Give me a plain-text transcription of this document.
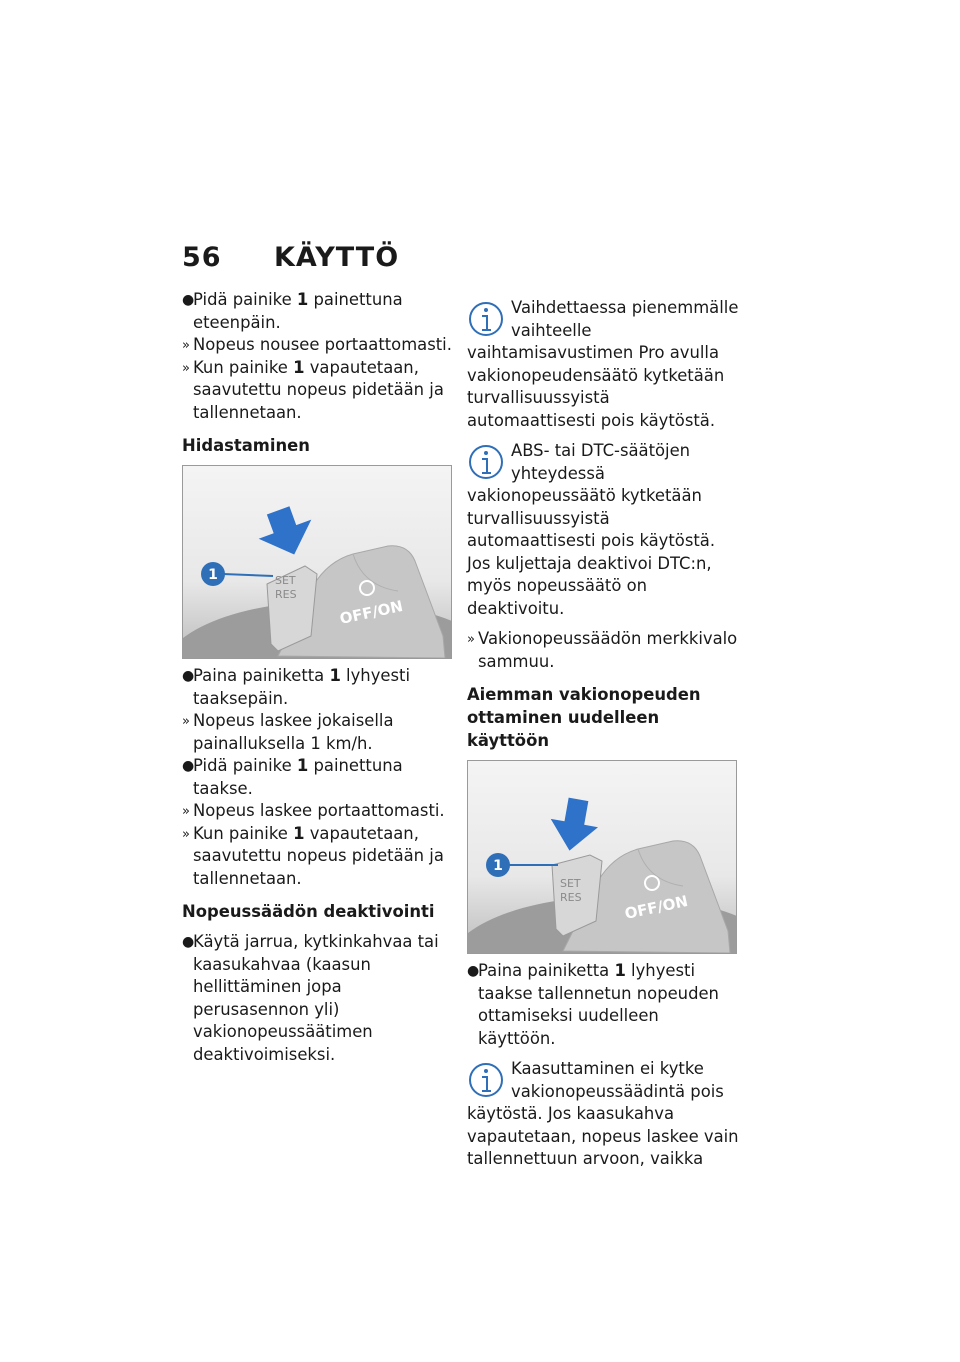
56 KÄYTTÖ
●
Pidä painike 1 painettuna eteenpäin.
» Nopeus nousee portaattomasti.
» Kun painike 1 vapautetaan, saavutettu nopeus pidetään ja tallennetaan.
Hidastaminen
SET
RES
OFF/ON
1
●
Paina painiketta 1 lyhyesti taaksepäin.
» Nopeus laskee jokaisella painalluksella 1 km/h.
●
Pidä painike 1 painettuna taakse.
» Nopeus laskee portaattomasti.
» Kun painike 1 vapautetaan, saavutettu nopeus pidetään ja tallennetaan.
Nopeussäädön deaktivointi
●
Käytä jarrua, kytkinkahvaa tai kaasukahvaa (kaasun hellittäminen jopa perusasennon yli) vakionopeussäätimen deaktivoimiseksi.
Vaihdettaessa pienemmälle vaihteelle vaihtamisavustimen Pro avulla vakionopeudensäätö kytketään turvallisuussyistä automaattisesti pois käytöstä.
ABS- tai DTC-säätöjen yhteydessä vakionopeussäätö kytketään turvallisuussyistä automaattisesti pois käytöstä. Jos kuljettaja deaktivoi DTC:n, myös nopeussäätö on deaktivoitu.
» Vakionopeussäädön merkkivalo sammuu.
Aiemman vakionopeuden ottaminen uudelleen käyttöön
SET
RES	OFF/ON
1
●
Paina painiketta 1 lyhyesti taakse tallennetun nopeuden ottamiseksi uudelleen käyttöön.
Kaasuttaminen ei kytke vakionopeussäädintä pois käytöstä. Jos kaasukahva vapautetaan, nopeus laskee vain tallennettuun arvoon, vaikka
